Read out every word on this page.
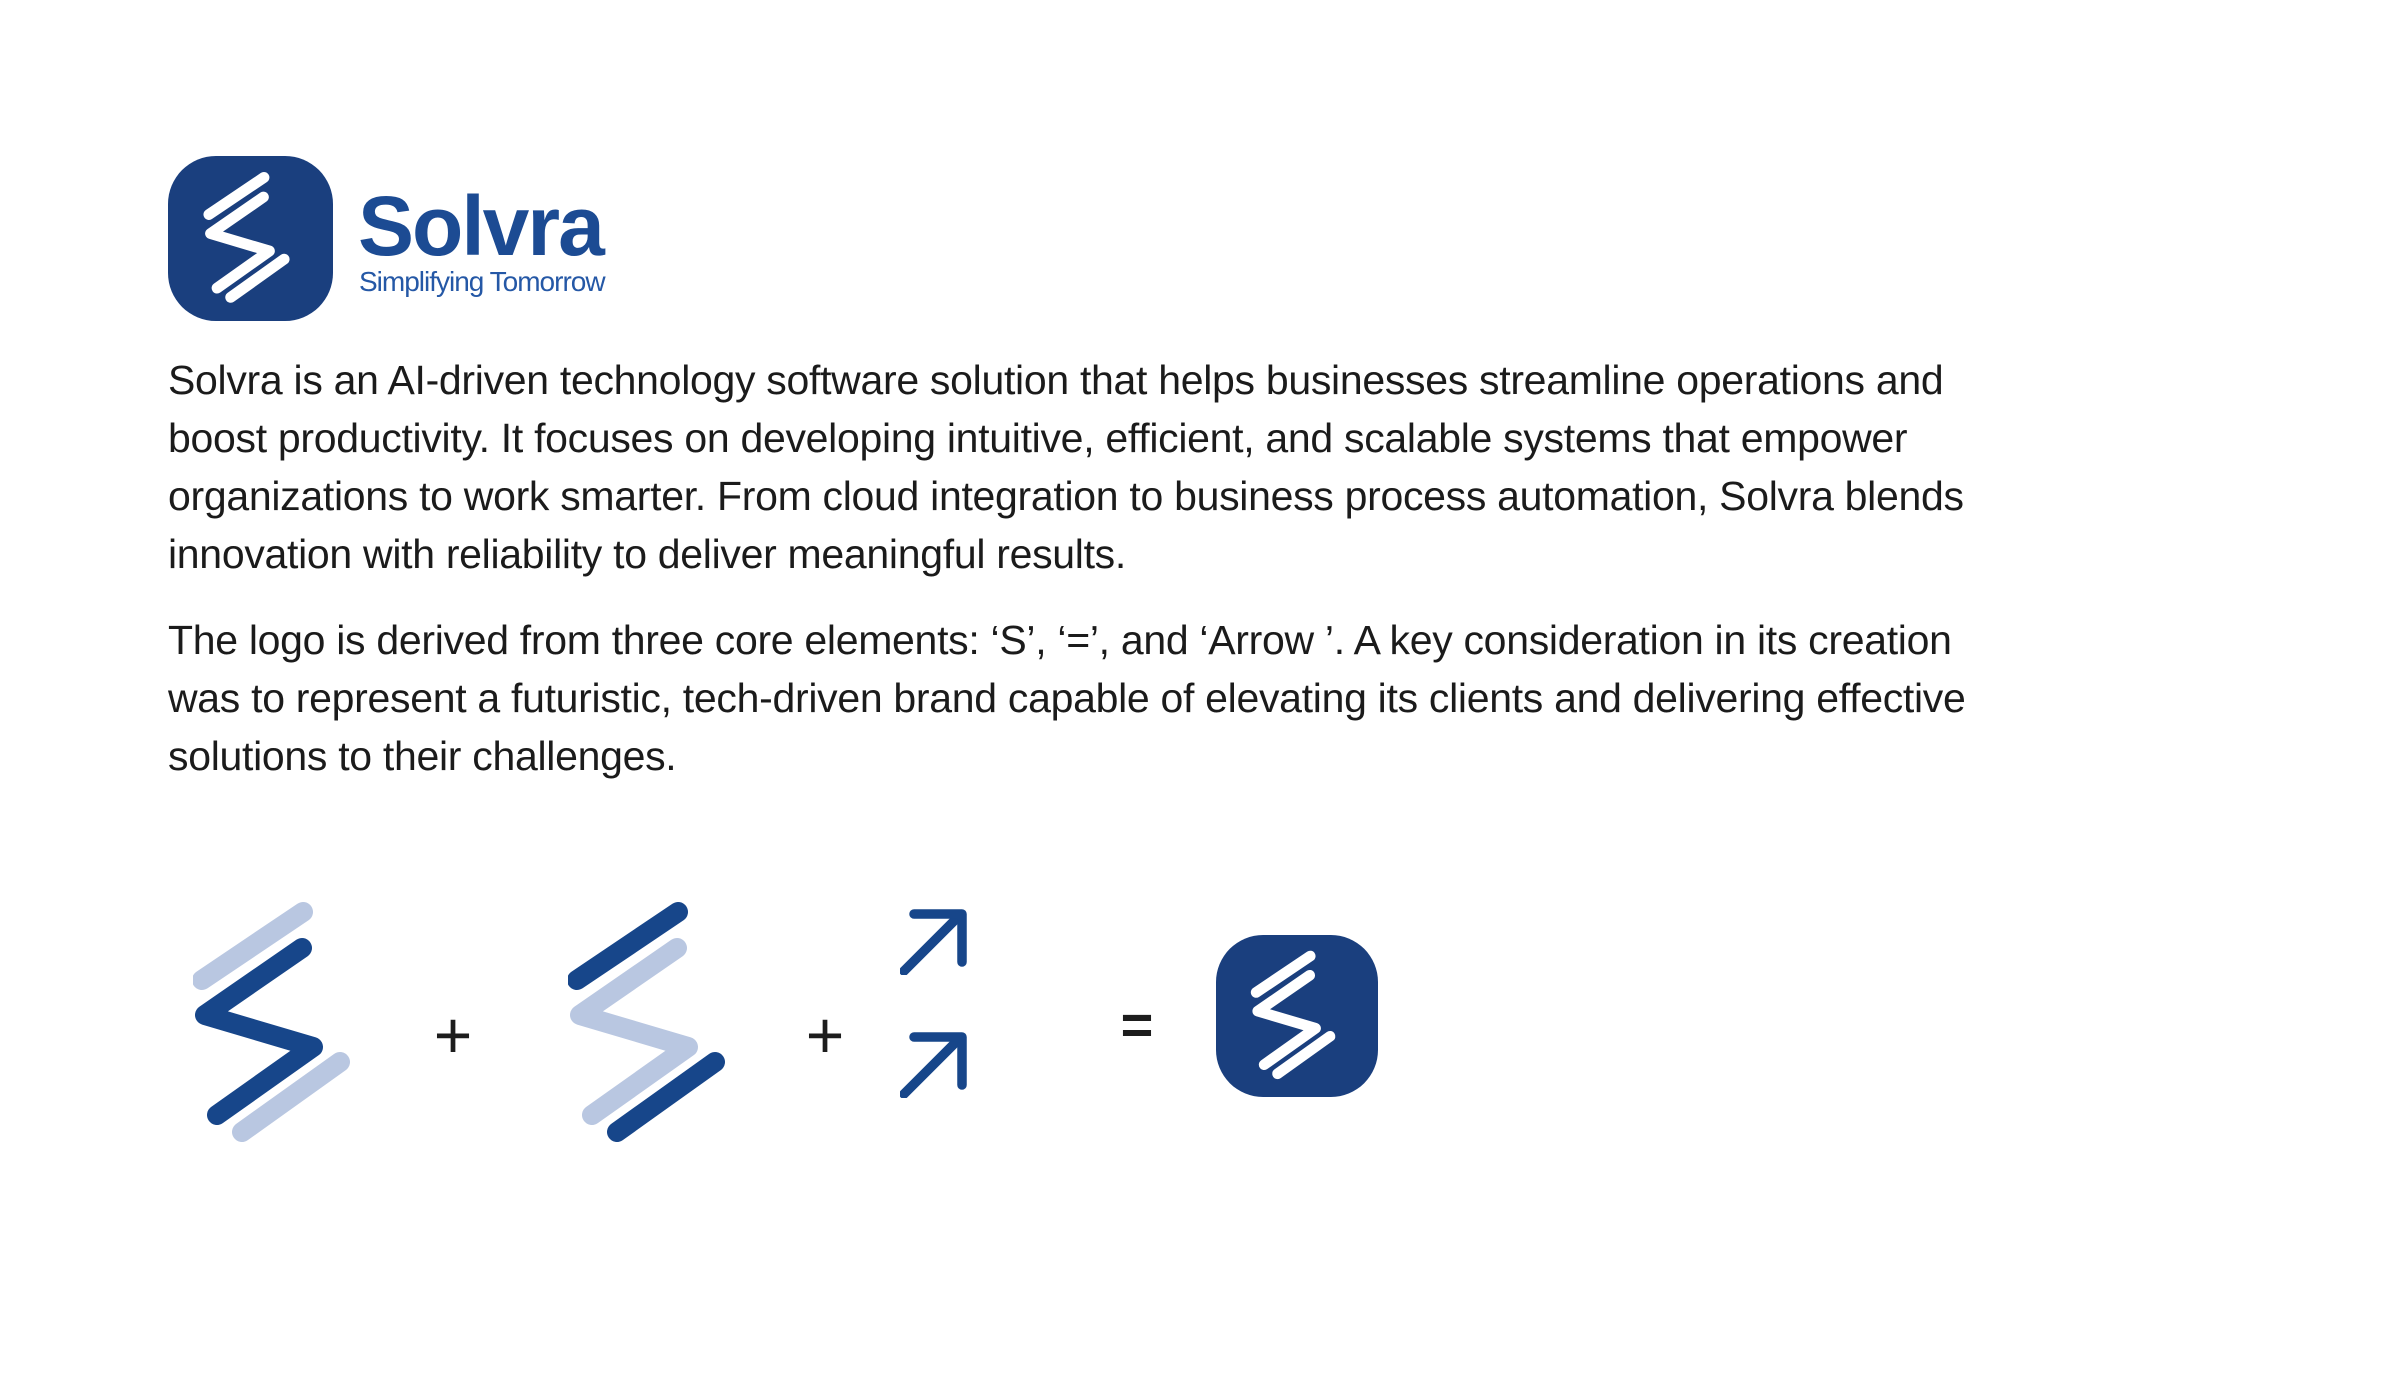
Solvra
Simplifying Tomorrow
Solvra is an AI-driven technology software solution that helps businesses streamline operations and
boost productivity. It focuses on developing intuitive, efficient, and scalable systems that empower
organizations to work smarter. From cloud integration to business process automation, Solvra blends
innovation with reliability to deliver meaningful results.
The logo is derived from three core elements: ‘S’, ‘=’, and ‘Arrow ’. A key consideration in its creation
was to represent a futuristic, tech-driven brand capable of elevating its clients and delivering effective
solutions to their challenges.
+	+	=
